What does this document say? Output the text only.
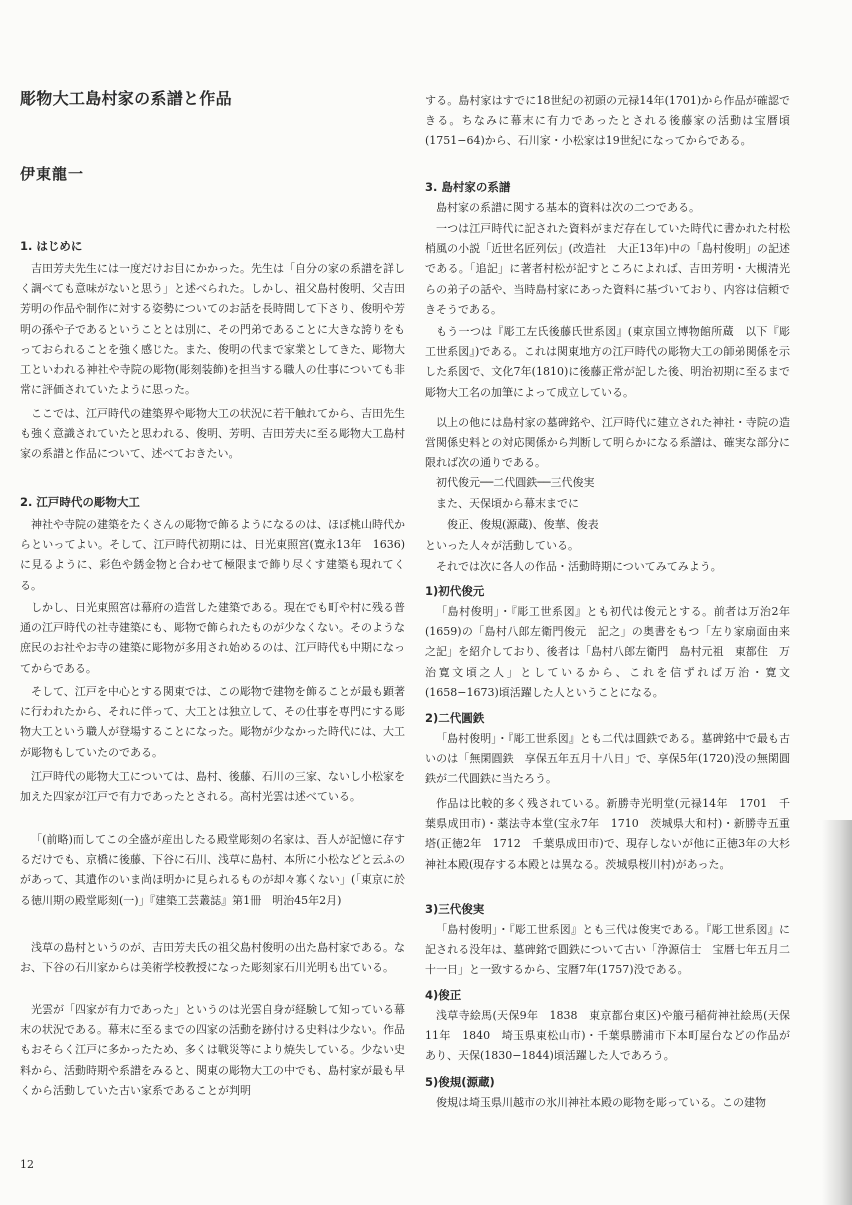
彫物大工島村家の系譜と作品
伊東龍一
1. はじめに

吉田芳夫先生には一度だけお目にかかった。先生は「自分の家の系譜を詳しく調べても意味がないと思う」と述べられた。しかし、祖父島村俊明、父吉田芳明の作品や制作に対する姿勢についてのお話を長時間して下さり、俊明や芳明の孫や子であるということとは別に、その門弟であることに大きな誇りをもっておられることを強く感じた。また、俊明の代まで家業としてきた、彫物大工といわれる神社や寺院の彫物(彫刻装飾)を担当する職人の仕事についても非常に評価されていたように思った。

ここでは、江戸時代の建築界や彫物大工の状況に若干触れてから、吉田先生も強く意識されていたと思われる、俊明、芳明、吉田芳夫に至る彫物大工島村家の系譜と作品について、述べておきたい。

2. 江戸時代の彫物大工

神社や寺院の建築をたくさんの彫物で飾るようになるのは、ほぼ桃山時代からといってよい。そして、江戸時代初期には、日光東照宮(寛永13年　1636)に見るように、彩色や銹金物と合わせて極限まで飾り尽くす建築も現れてくる。

しかし、日光東照宮は幕府の造営した建築である。現在でも町や村に残る普通の江戸時代の社寺建築にも、彫物で飾られたものが少なくない。そのような庶民のお社やお寺の建築に彫物が多用され始めるのは、江戸時代も中期になってからである。

そして、江戸を中心とする関東では、この彫物で建物を飾ることが最も顕著に行われたから、それに伴って、大工とは独立して、その仕事を専門にする彫物大工という職人が登場することになった。彫物が少なかった時代には、大工が彫物もしていたのである。

江戸時代の彫物大工については、島村、後藤、石川の三家、ないし小松家を加えた四家が江戸で有力であったとされる。高村光雲は述べている。

「(前略)而してこの全盛が産出したる殿堂彫刻の名家は、吾人が記憶に存するだけでも、京橋に後藤、下谷に石川、浅草に島村、本所に小松などと云ふのがあって、其遺作のいま尚ほ明かに見られるものが却々寡くない」(「東京に於る徳川期の殿堂彫刻(一)」『建築工芸叢誌』第1冊　明治45年2月)

浅草の島村というのが、吉田芳夫氏の祖父島村俊明の出た島村家である。なお、下谷の石川家からは美術学校教授になった彫刻家石川光明も出ている。

光雲が「四家が有力であった」というのは光雲自身が経験して知っている幕末の状況である。幕末に至るまでの四家の活動を跡付ける史料は少ない。作品もおそらく江戸に多かったため、多くは戦災等により焼失している。少ない史料から、活動時期や系譜をみると、関東の彫物大工の中でも、島村家が最も早くから活動していた古い家系であることが判明

する。島村家はすでに18世紀の初頭の元禄14年(1701)から作品が確認できる。ちなみに幕末に有力であったとされる後藤家の活動は宝暦頃(1751−64)から、石川家・小松家は19世紀になってからである。

3. 島村家の系譜

島村家の系譜に関する基本的資料は次の二つである。

一つは江戸時代に記された資料がまだ存在していた時代に書かれた村松梢風の小説「近世名匠列伝」(改造社　大正13年)中の「島村俊明」の記述である。「追記」に著者村松が記すところによれば、吉田芳明・大槻清光らの弟子の話や、当時島村家にあった資料に基づいており、内容は信頼できそうである。

もう一つは『彫工左氏後藤氏世系図』(東京国立博物館所蔵　以下『彫工世系図』)である。これは関東地方の江戸時代の彫物大工の師弟関係を示した系図で、文化7年(1810)に後藤正常が記した後、明治初期に至るまで彫物大工名の加筆によって成立している。

以上の他には島村家の墓碑銘や、江戸時代に建立された神社・寺院の造営関係史料との対応関係から判断して明らかになる系譜は、確実な部分に限れば次の通りである。

初代俊元──二代圓鉄──三代俊実

また、天保頃から幕末までに

俊正、俊規(源蔵)、俊華、俊表

といった人々が活動している。

それでは次に各人の作品・活動時期についてみてみよう。

1)初代俊元

「島村俊明」・『彫工世系図』とも初代は俊元とする。前者は万治2年(1659)の「島村八郎左衛門俊元　記之」の奥書をもつ「左り家扇面由来之記」を紹介しており、後者は「島村八郎左衛門　島村元祖　東都住　万治寛文頃之人」としているから、これを信ずれば万治・寛文(1658−1673)頃活躍した人ということになる。

2)二代圓鉄

「島村俊明」・『彫工世系図』とも二代は圓鉄である。墓碑銘中で最も古いのは「無閑圓鉄　享保五年五月十八日」で、享保5年(1720)没の無閑圓鉄が二代圓鉄に当たろう。

作品は比較的多く残されている。新勝寺光明堂(元禄14年　1701　千葉県成田市)・薬法寺本堂(宝永7年　1710　茨城県大和村)・新勝寺五重塔(正徳2年　1712　千葉県成田市)で、現存しないが他に正徳3年の大杉神社本殿(現存する本殿とは異なる。茨城県桜川村)があった。

3)三代俊実

「島村俊明」・『彫工世系図』とも三代は俊実である。『彫工世系図』に記される没年は、墓碑銘で圓鉄について古い「浄源信士　宝暦七年五月二十一日」と一致するから、宝暦7年(1757)没である。

4)俊正

浅草寺絵馬(天保9年　1838　東京都台東区)や箙弓稲荷神社絵馬(天保11年　1840　埼玉県東松山市)・千葉県勝浦市下本町屋台などの作品があり、天保(1830−1844)頃活躍した人であろう。

5)俊規(源蔵)

俊規は埼玉県川越市の氷川神社本殿の彫物を彫っている。この建物

12
